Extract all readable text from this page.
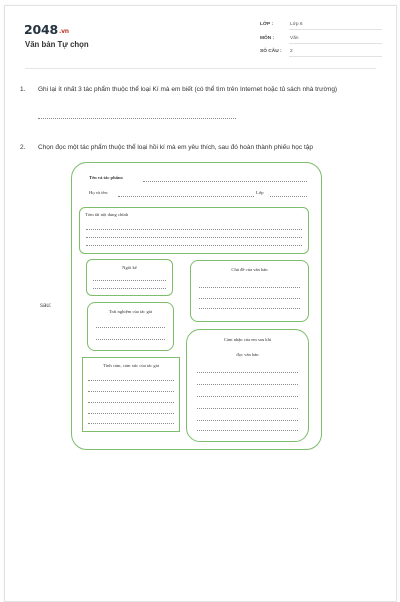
2048.vn
Văn bản Tự chọn
LỚP :	Lớp 6
MÔN :	Văn
SỐ CÂU : 2
1. Ghi lại ít nhất 3 tác phẩm thuộc thể loại Kí mà em biết (có thể tìm trên Internet hoặc tủ sách nhà trường)
2. Chọn đọc một tác phẩm thuộc thể loại hồi kí mà em yêu thích, sau đó hoàn thành phiếu học tập
sau:
Tên và tác phẩm:
Họ và tên:	Lớp
Tóm tắt nội dung chính
Ngôi kể	Chủ đề của văn bản
Trải nghiệm của tác giả
Cảm nhận của em sau khi
đọc văn bản
Tình cảm, cảm xúc của tác giả
